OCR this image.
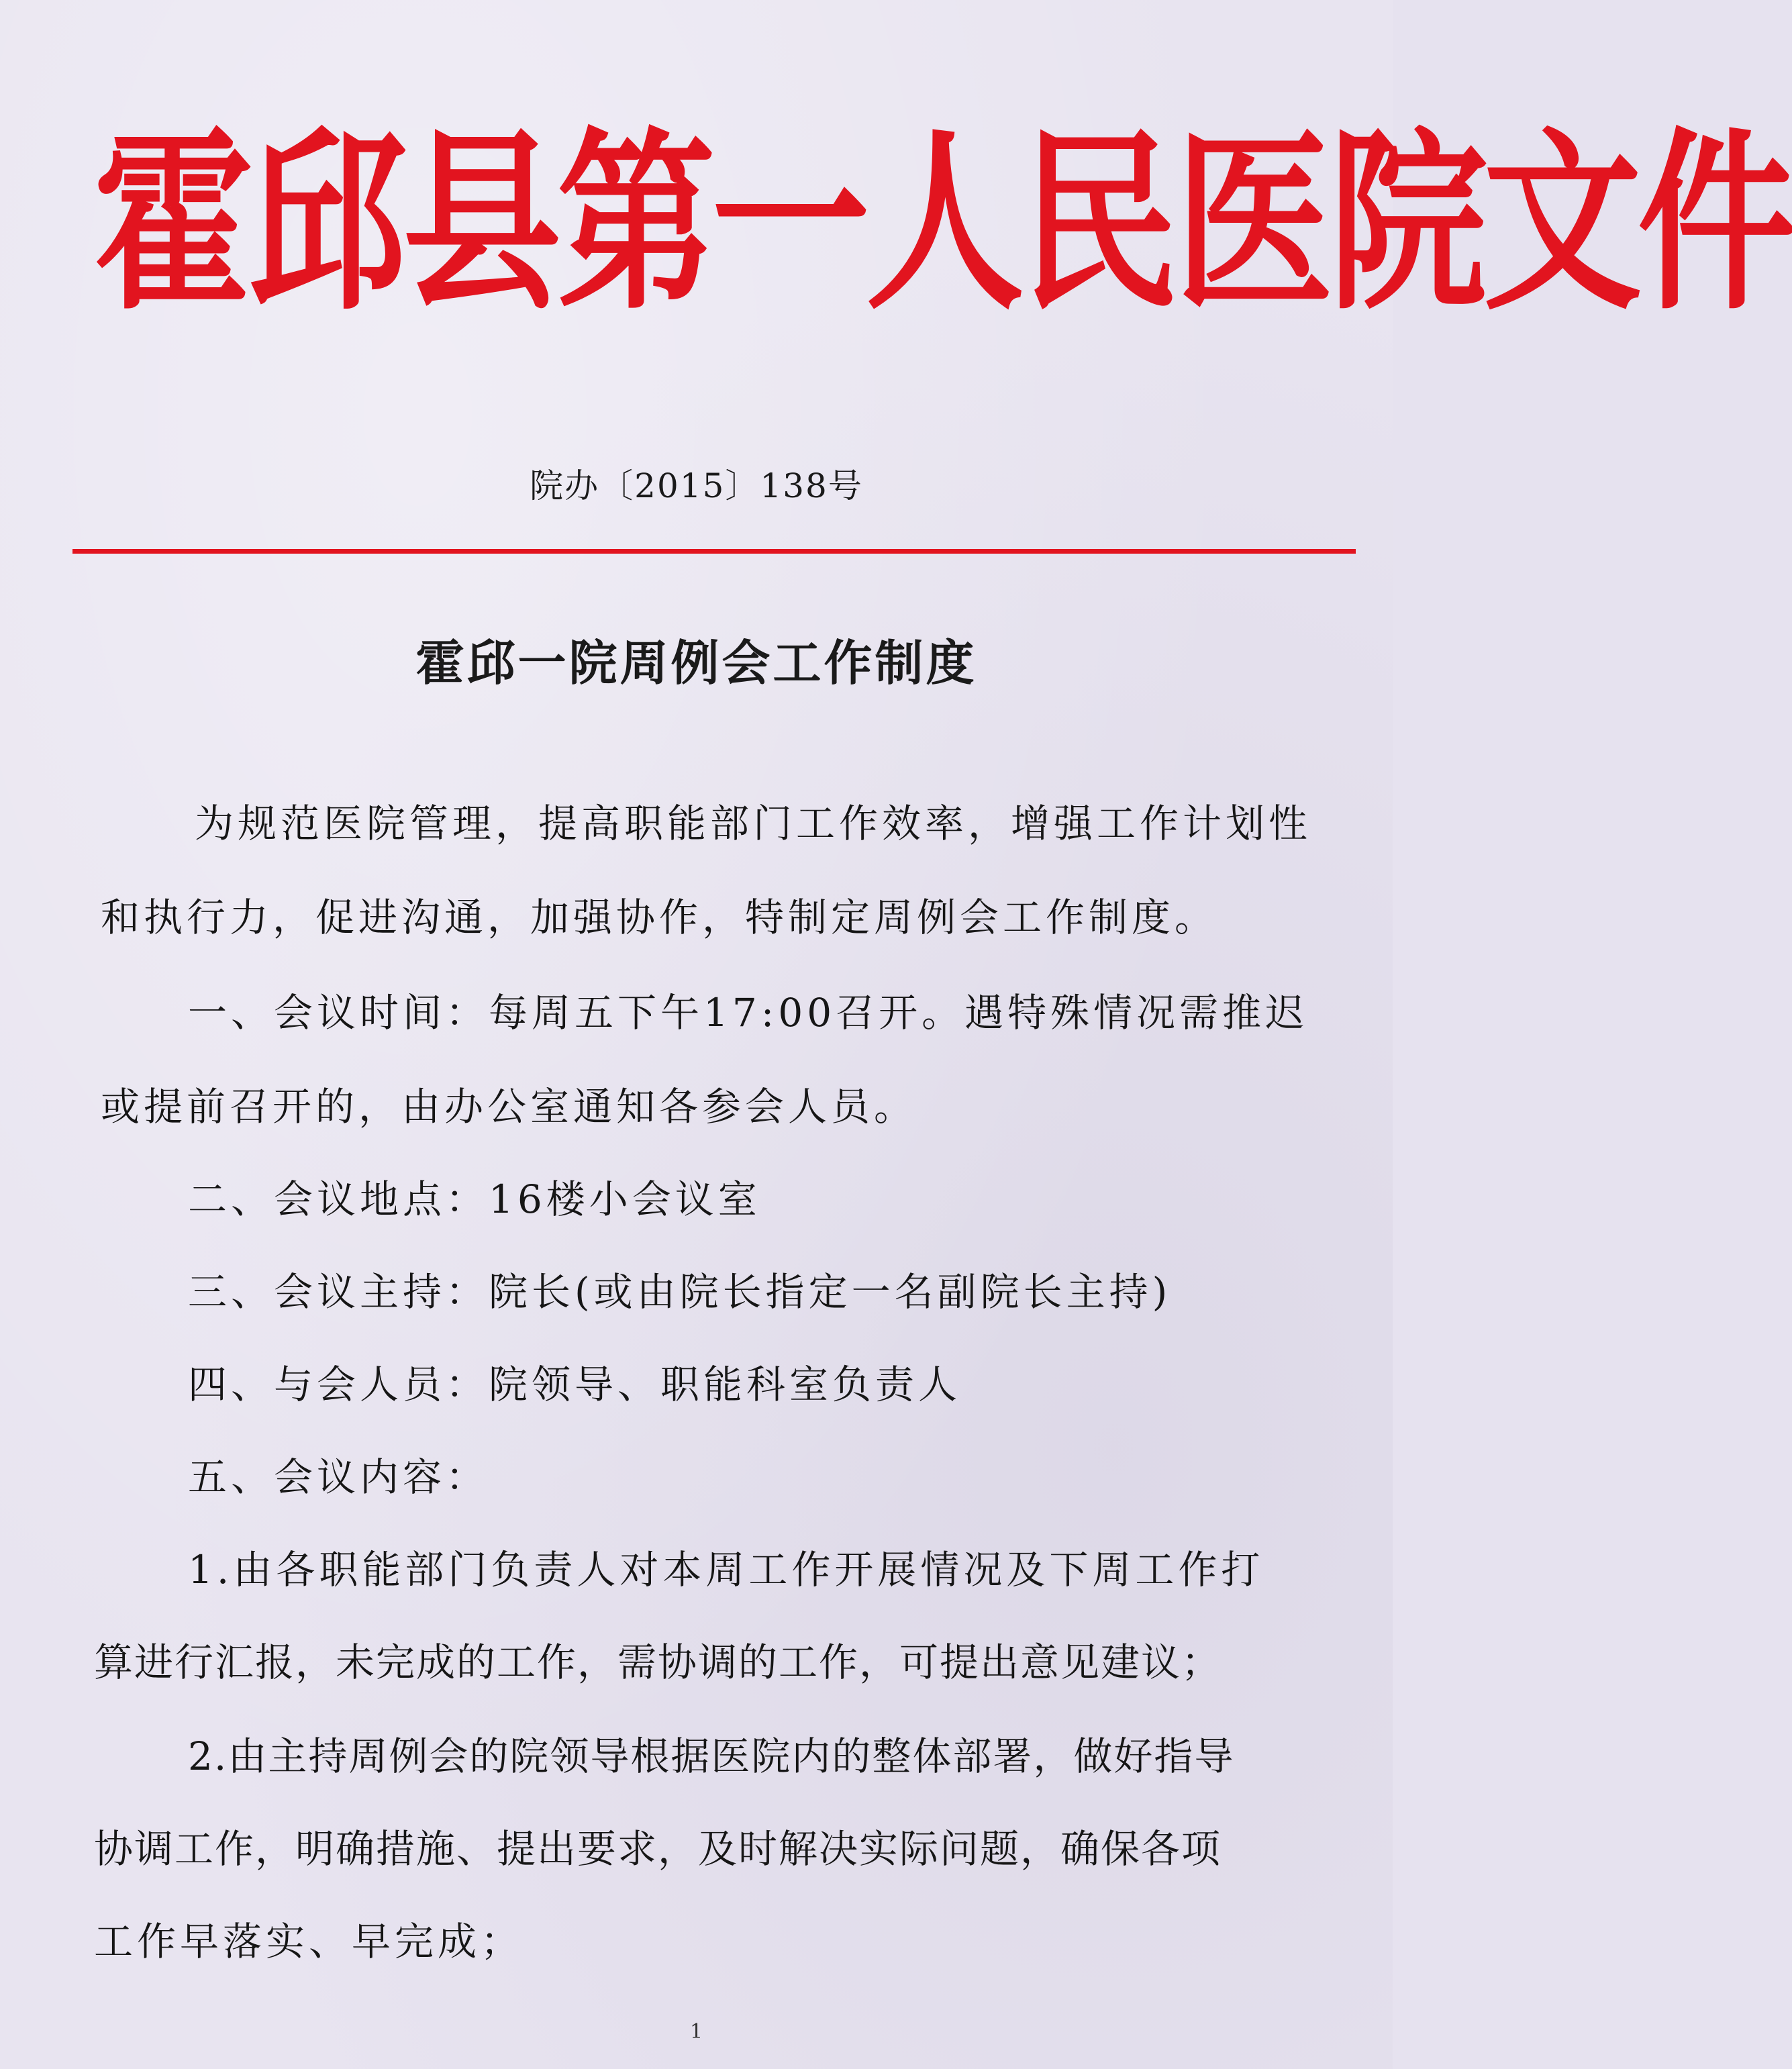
霍邱县第一人民医院文件
院办〔2015〕138号
霍邱一院周例会工作制度
为规范医院管理，提高职能部门工作效率，增强工作计划性
和执行力，促进沟通，加强协作，特制定周例会工作制度。
一、会议时间：每周五下午17:00召开。遇特殊情况需推迟
或提前召开的，由办公室通知各参会人员。
二、会议地点：16楼小会议室
三、会议主持：院长(或由院长指定一名副院长主持)
四、与会人员：院领导、职能科室负责人
五、会议内容：
1.由各职能部门负责人对本周工作开展情况及下周工作打
算进行汇报，未完成的工作，需协调的工作，可提出意见建议；
2.由主持周例会的院领导根据医院内的整体部署，做好指导
协调工作，明确措施、提出要求，及时解决实际问题，确保各项
工作早落实、早完成；
1
